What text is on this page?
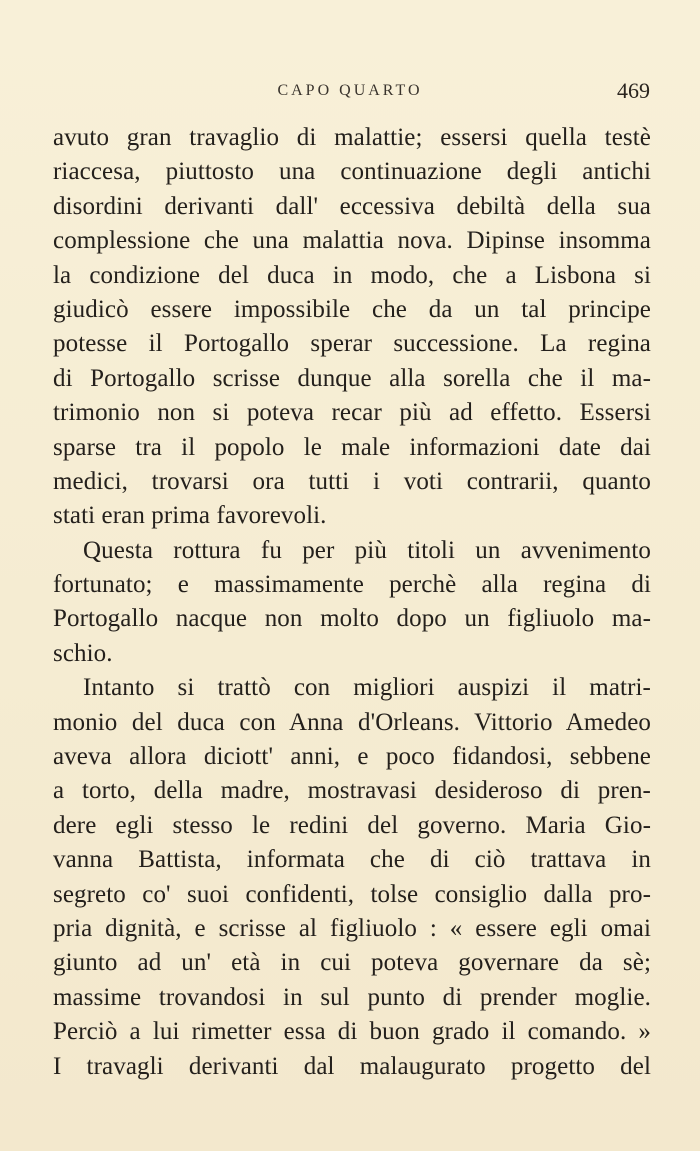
CAPO QUARTO	469
avuto gran travaglio di malattie; essersi quella testè
riaccesa, piuttosto una continuazione degli antichi
disordini derivanti dall' eccessiva debiltà della sua
complessione che una malattia nova. Dipinse insomma
la condizione del duca in modo, che a Lisbona si
giudicò essere impossibile che da un tal principe
potesse il Portogallo sperar successione. La regina
di Portogallo scrisse dunque alla sorella che il ma-
trimonio non si poteva recar più ad effetto. Essersi
sparse tra il popolo le male informazioni date dai
medici, trovarsi ora tutti i voti contrarii, quanto
stati eran prima favorevoli.
Questa rottura fu per più titoli un avvenimento
fortunato; e massimamente perchè alla regina di
Portogallo nacque non molto dopo un figliuolo ma-
schio.
Intanto si trattò con migliori auspizi il matri-
monio del duca con Anna d'Orleans. Vittorio Amedeo
aveva allora diciott' anni, e poco fidandosi, sebbene
a torto, della madre, mostravasi desideroso di pren-
dere egli stesso le redini del governo. Maria Gio-
vanna Battista, informata che di ciò trattava in
segreto co' suoi confidenti, tolse consiglio dalla pro-
pria dignità, e scrisse al figliuolo : « essere egli omai
giunto ad un' età in cui poteva governare da sè;
massime trovandosi in sul punto di prender moglie.
Perciò a lui rimetter essa di buon grado il comando. »
I travagli derivanti dal malaugurato progetto del
